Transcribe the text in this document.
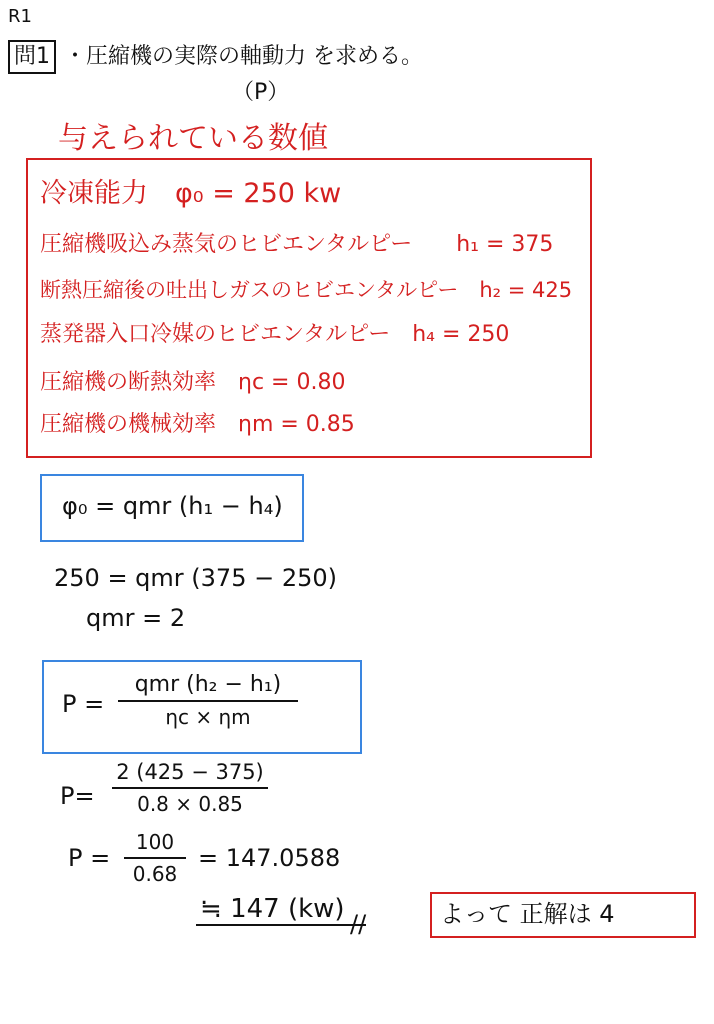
R1
問1 ・圧縮機の実際の軸動力 を求める。
（P）
与えられている数値
冷凍能力　φ₀ = 250 kw
圧縮機吸込み蒸気のヒビエンタルピー　　h₁ = 375
断熱圧縮後の吐出しガスのヒビエンタルピー　h₂ = 425
蒸発器入口冷媒のヒビエンタルピー　h₄ = 250
圧縮機の断熱効率　ηc = 0.80
圧縮機の機械効率　ηm = 0.85
φ₀ = qmr (h₁ − h₄)
250 = qmr (375 − 250)
qmr = 2
P =
qmr (h₂ − h₁)
ηc × ηm
P=
2 (425 − 375)
0.8 × 0.85
P =
100
0.68
= 147.0588
≒ 147 (kw) //	よって 正解は 4
